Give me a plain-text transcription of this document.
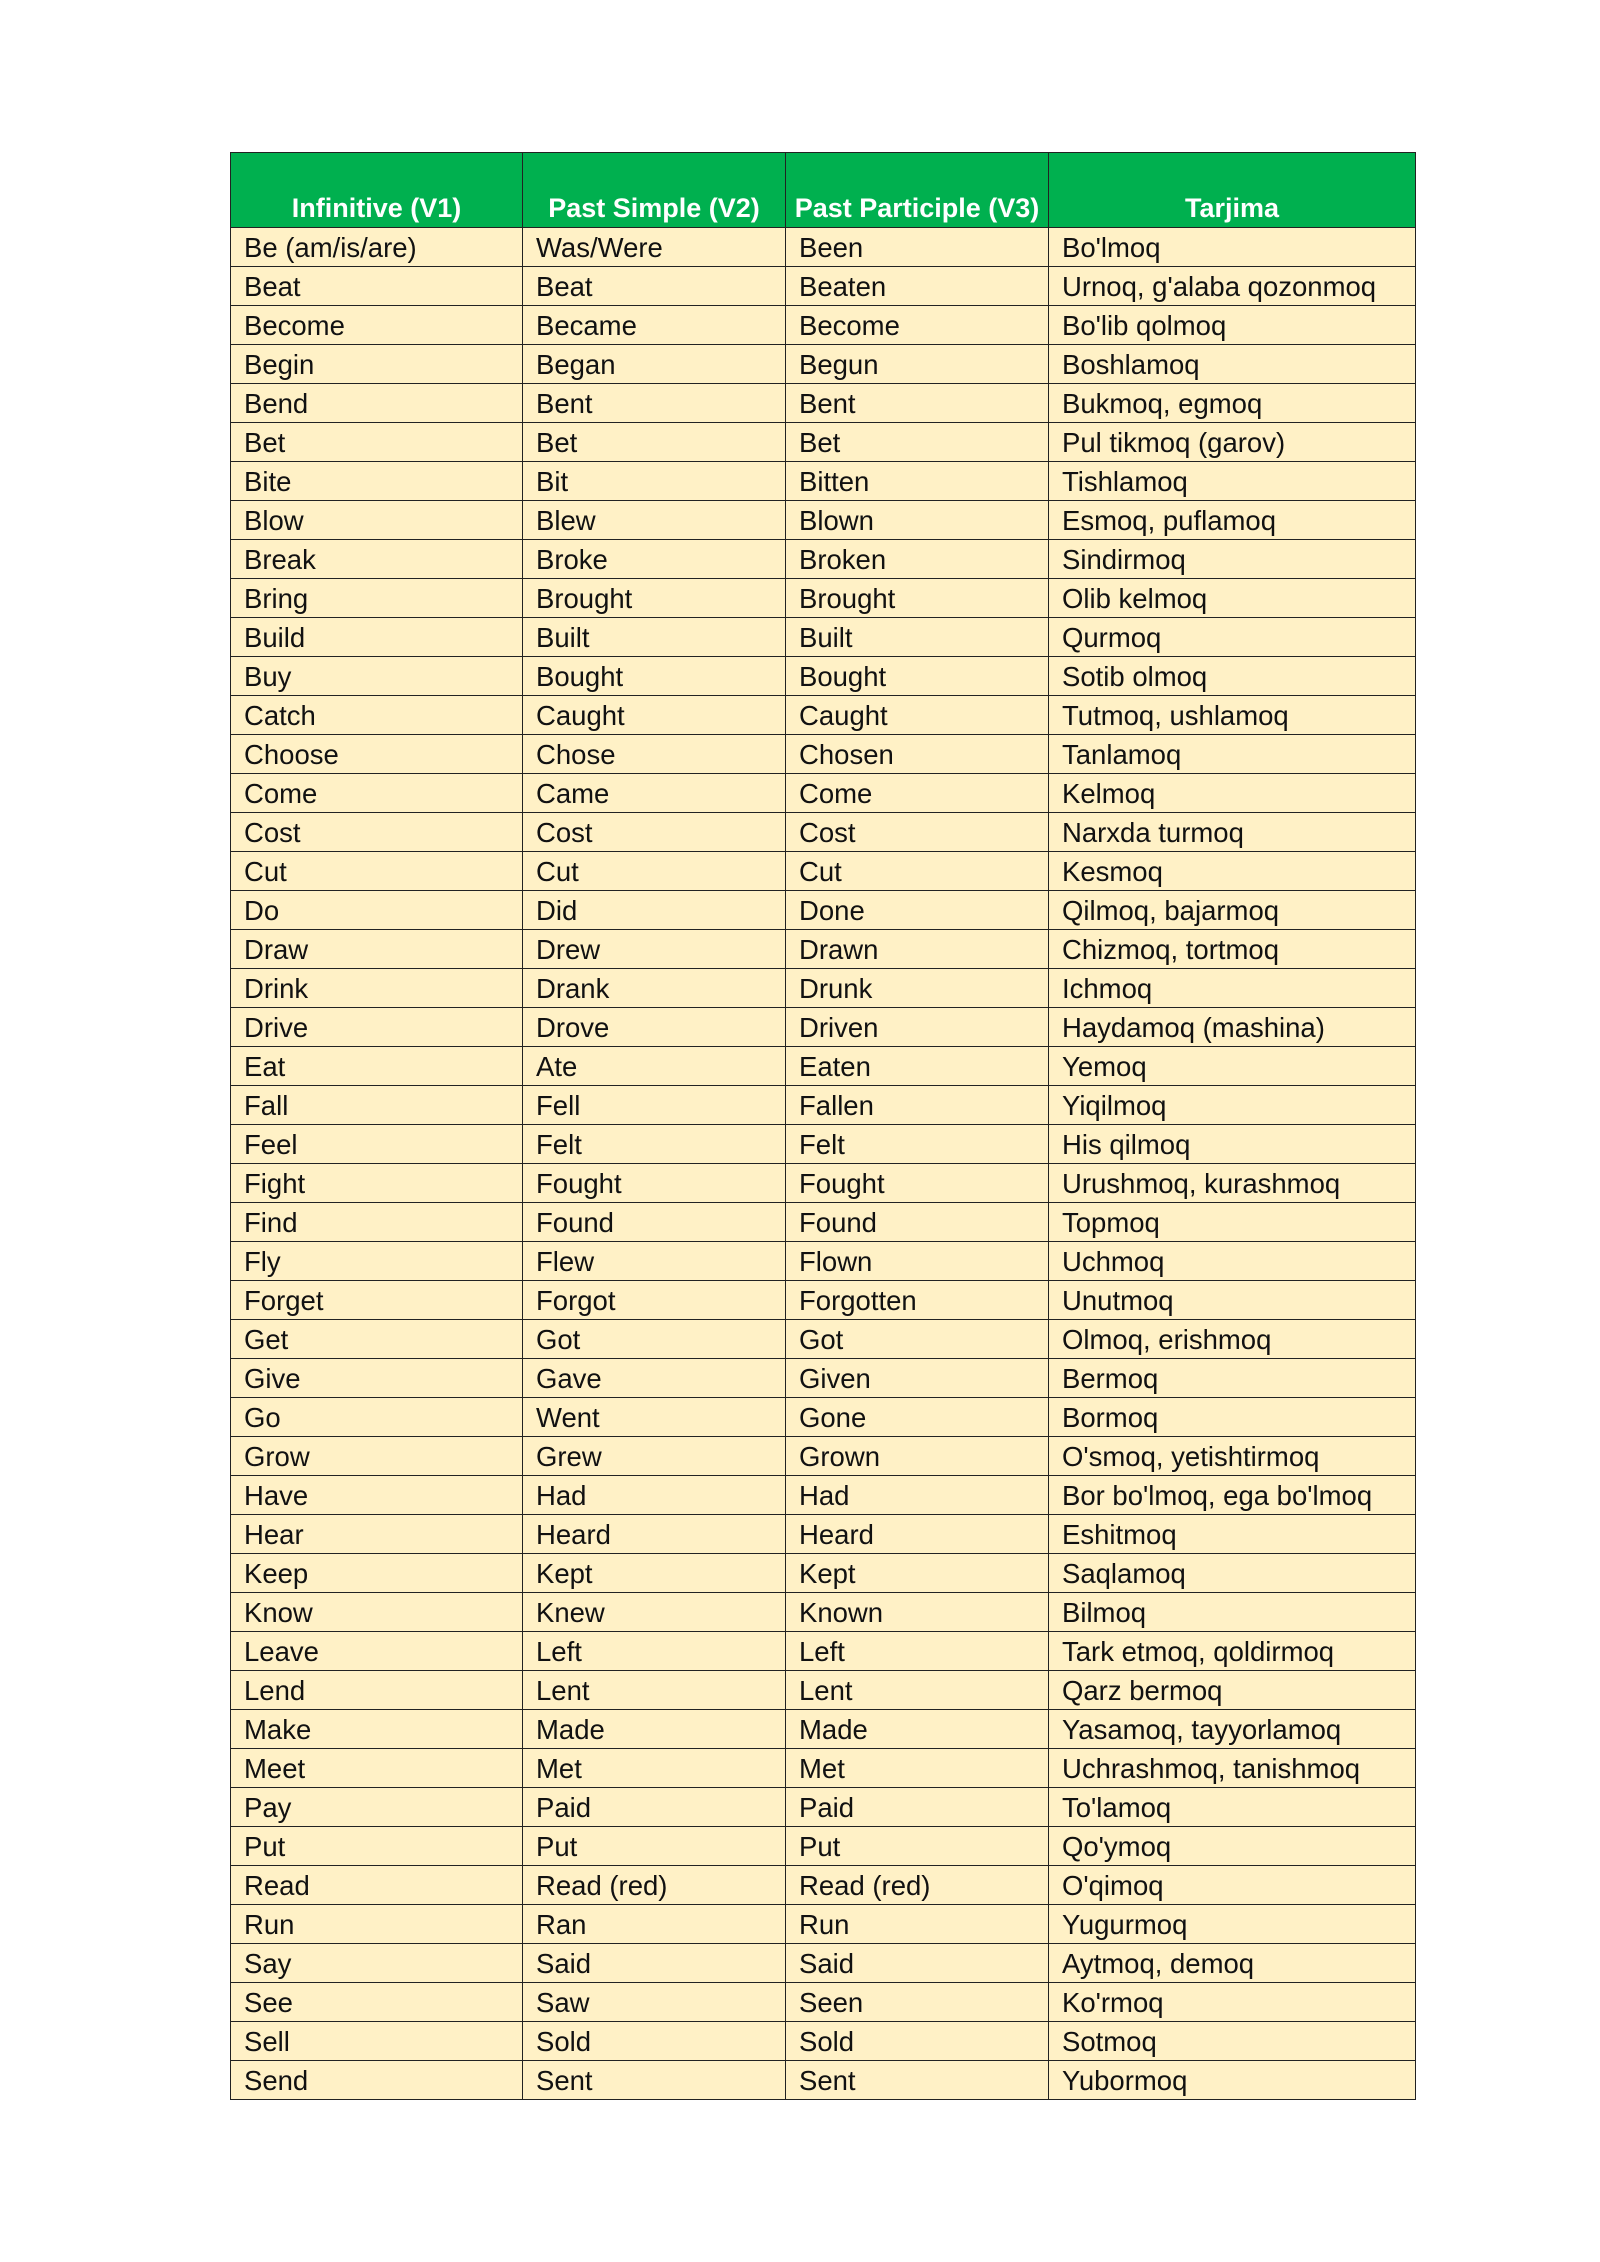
Infinitive (V1)	Past Simple (V2)	Past Participle (V3)	Tarjima
Be (am/is/are)	Was/Were	Been	Bo'lmoq
Beat	Beat	Beaten	Urnoq, g'alaba qozonmoq
Become	Became	Become	Bo'lib qolmoq
Begin	Began	Begun	Boshlamoq
Bend	Bent	Bent	Bukmoq, egmoq
Bet	Bet	Bet	Pul tikmoq (garov)
Bite	Bit	Bitten	Tishlamoq
Blow	Blew	Blown	Esmoq, puflamoq
Break	Broke	Broken	Sindirmoq
Bring	Brought	Brought	Olib kelmoq
Build	Built	Built	Qurmoq
Buy	Bought	Bought	Sotib olmoq
Catch	Caught	Caught	Tutmoq, ushlamoq
Choose	Chose	Chosen	Tanlamoq
Come	Came	Come	Kelmoq
Cost	Cost	Cost	Narxda turmoq
Cut	Cut	Cut	Kesmoq
Do	Did	Done	Qilmoq, bajarmoq
Draw	Drew	Drawn	Chizmoq, tortmoq
Drink	Drank	Drunk	Ichmoq
Drive	Drove	Driven	Haydamoq (mashina)
Eat	Ate	Eaten	Yemoq
Fall	Fell	Fallen	Yiqilmoq
Feel	Felt	Felt	His qilmoq
Fight	Fought	Fought	Urushmoq, kurashmoq
Find	Found	Found	Topmoq
Fly	Flew	Flown	Uchmoq
Forget	Forgot	Forgotten	Unutmoq
Get	Got	Got	Olmoq, erishmoq
Give	Gave	Given	Bermoq
Go	Went	Gone	Bormoq
Grow	Grew	Grown	O'smoq, yetishtirmoq
Have	Had	Had	Bor bo'lmoq, ega bo'lmoq
Hear	Heard	Heard	Eshitmoq
Keep	Kept	Kept	Saqlamoq
Know	Knew	Known	Bilmoq
Leave	Left	Left	Tark etmoq, qoldirmoq
Lend	Lent	Lent	Qarz bermoq
Make	Made	Made	Yasamoq, tayyorlamoq
Meet	Met	Met	Uchrashmoq, tanishmoq
Pay	Paid	Paid	To'lamoq
Put	Put	Put	Qo'ymoq
Read	Read (red)	Read (red)	O'qimoq
Run	Ran	Run	Yugurmoq
Say	Said	Said	Aytmoq, demoq
See	Saw	Seen	Ko'rmoq
Sell	Sold	Sold	Sotmoq
Send	Sent	Sent	Yubormoq
